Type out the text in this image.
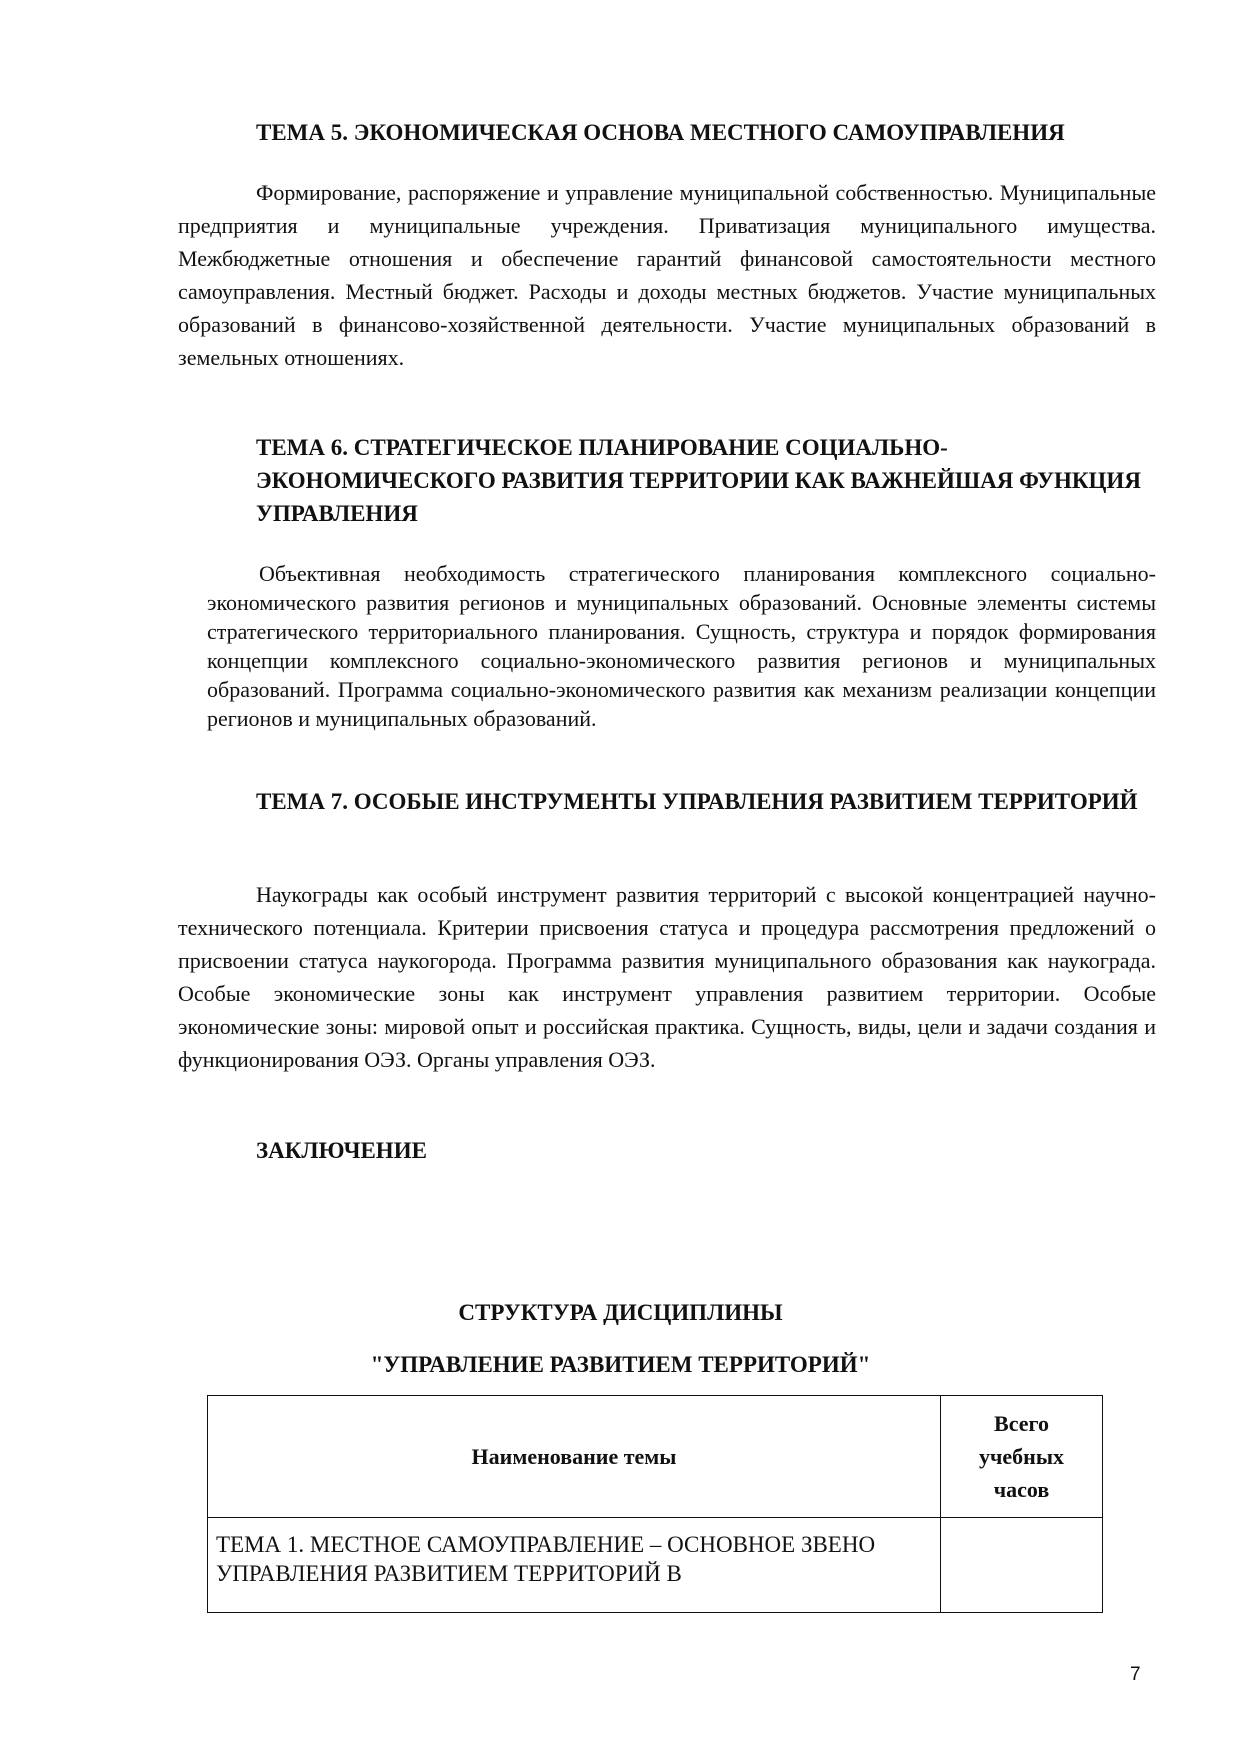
ТЕМА 5. ЭКОНОМИЧЕСКАЯ ОСНОВА МЕСТНОГО САМОУПРАВЛЕНИЯ

Формирование, распоряжение и управление муниципальной собственностью. Муниципальные предприятия и муниципальные учреждения. Приватизация муниципального имущества. Межбюджетные отношения и обеспечение гарантий финансовой самостоятельности местного самоуправления. Местный бюджет. Расходы и доходы местных бюджетов. Участие муниципальных образований в финансово-хозяйственной деятельности. Участие муниципальных образований в земельных отношениях.

ТЕМА 6. СТРАТЕГИЧЕСКОЕ ПЛАНИРОВАНИЕ СОЦИАЛЬНО-ЭКОНОМИЧЕСКОГО РАЗВИТИЯ ТЕРРИТОРИИ КАК ВАЖНЕЙШАЯ ФУНКЦИЯ УПРАВЛЕНИЯ

Объективная необходимость стратегического планирования комплексного социально-экономического развития регионов и муниципальных образований. Основные элементы системы стратегического территориального планирования. Сущность, структура и порядок формирования концепции комплексного социально-экономического развития регионов и муниципальных образований. Программа социально-экономического развития как механизм реализации концепции регионов и муниципальных образований.

ТЕМА 7. ОСОБЫЕ ИНСТРУМЕНТЫ УПРАВЛЕНИЯ РАЗВИТИЕМ ТЕРРИТОРИЙ

Наукограды как особый инструмент развития территорий с высокой концентрацией научно-технического потенциала. Критерии присвоения статуса и процедура рассмотрения предложений о присвоении статуса наукогорода. Программа развития муниципального образования как наукограда. Особые экономические зоны как инструмент управления развитием территории. Особые экономические зоны: мировой опыт и российская практика. Сущность, виды, цели и задачи создания и функционирования ОЭЗ. Органы управления ОЭЗ.

ЗАКЛЮЧЕНИЕ
СТРУКТУРА ДИСЦИПЛИНЫ
"УПРАВЛЕНИЕ РАЗВИТИЕМ ТЕРРИТОРИЙ"
Наименование темы	Всего учебных часов
ТЕМА 1. МЕСТНОЕ САМОУПРАВЛЕНИЕ – ОСНОВНОЕ ЗВЕНО УПРАВЛЕНИЯ РАЗВИТИЕМ ТЕРРИТОРИЙ В	

7
